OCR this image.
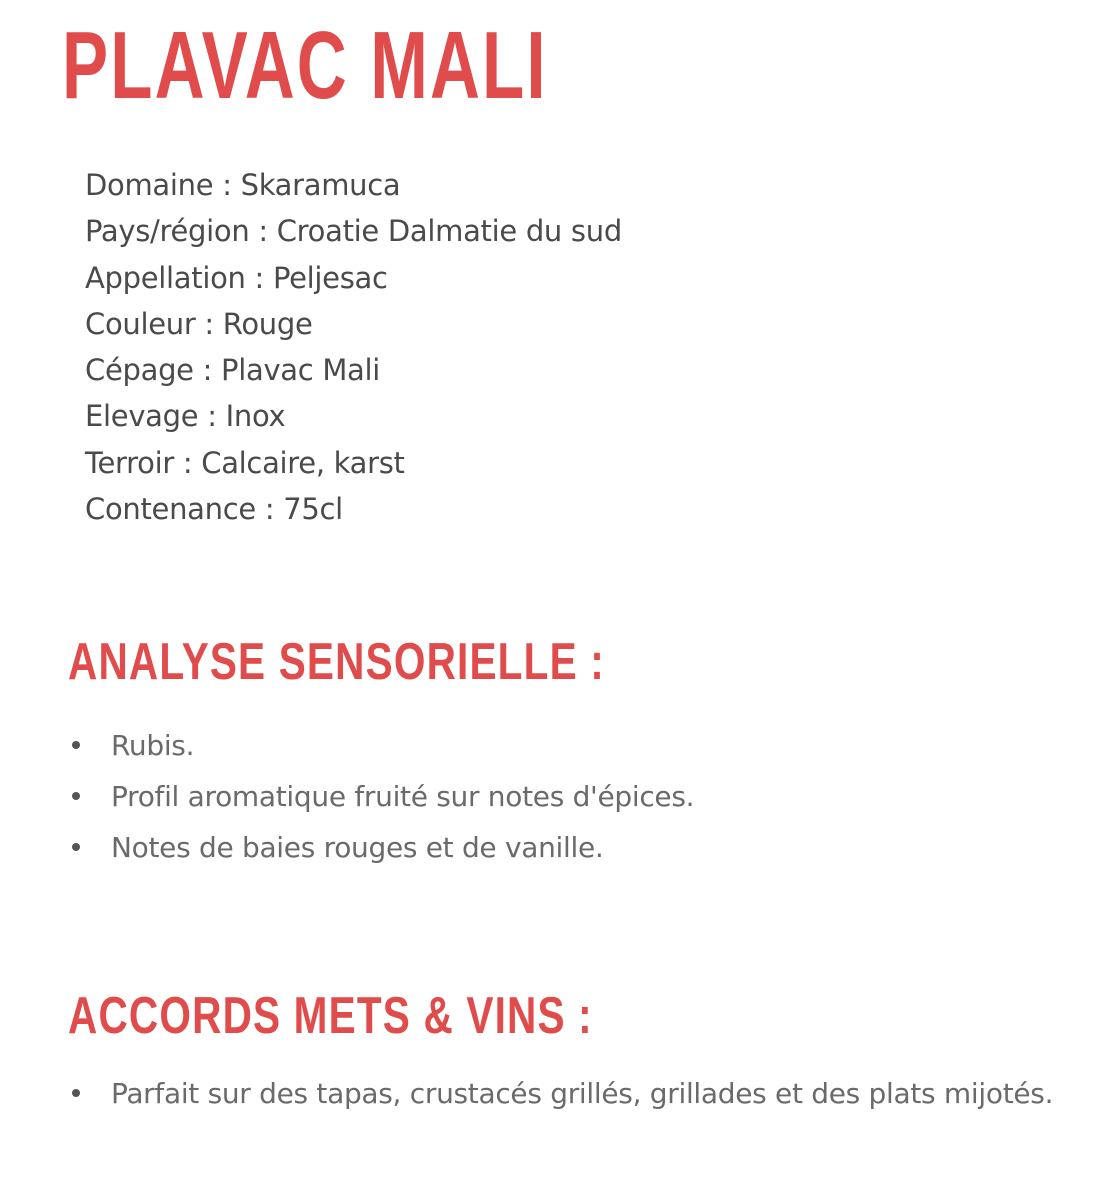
PLAVAC MALI
Domaine : Skaramuca
Pays/région : Croatie Dalmatie du sud
Appellation : Peljesac
Couleur : Rouge
Cépage : Plavac Mali
Elevage : Inox
Terroir : Calcaire, karst
Contenance : 75cl
ANALYSE SENSORIELLE :
Rubis.
Profil aromatique fruité sur notes d'épices.
Notes de baies rouges et de vanille.
ACCORDS METS & VINS :
Parfait sur des tapas, crustacés grillés, grillades et des plats mijotés.
